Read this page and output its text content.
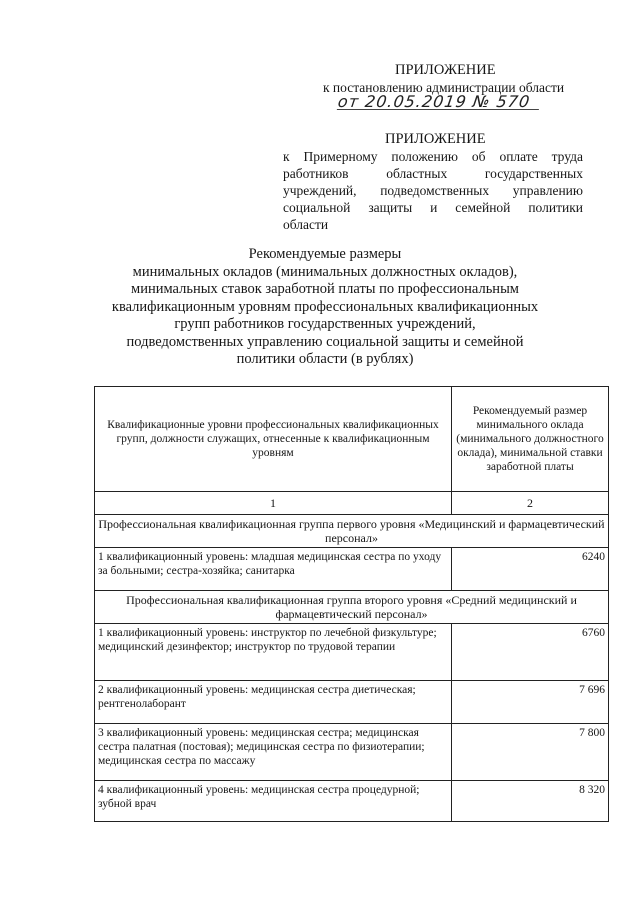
ПРИЛОЖЕНИЕ
к постановлению администрации области
от 20.05.2019 № 570
ПРИЛОЖЕНИЕ
к Примерному положению об оплате труда
работников областных государственных
учреждений, подведомственных управлению
социальной защиты и семейной политики
области
Рекомендуемые размеры
минимальных окладов (минимальных должностных окладов),
минимальных ставок заработной платы по профессиональным
квалификационным уровням профессиональных квалификационных
групп работников государственных учреждений,
подведомственных управлению социальной защиты и семейной
политики области (в рублях)
Квалификационные уровни профессиональных квалификационных групп, должности служащих, отнесенные к квалификационным уровням	Рекомендуемый размер минимального оклада (минимального должностного оклада), минимальной ставки заработной платы
1	2
Профессиональная квалификационная группа первого уровня «Медицинский и фармацевтический персонал»	
1 квалификационный уровень: младшая медицинская сестра по уходу за больными; сестра-хозяйка; санитарка	6240
Профессиональная квалификационная группа второго уровня «Средний медицинский и фармацевтический персонал»	
1 квалификационный уровень: инструктор по лечебной физкультуре; медицинский дезинфектор; инструктор по трудовой терапии	6760
2 квалификационный уровень: медицинская сестра диетическая; рентгенолаборант	7 696
3 квалификационный уровень: медицинская сестра; медицинская сестра палатная (постовая); медицинская сестра по физиотерапии; медицинская сестра по массажу	7 800
4 квалификационный уровень: медицинская сестра процедурной; зубной врач	8 320
